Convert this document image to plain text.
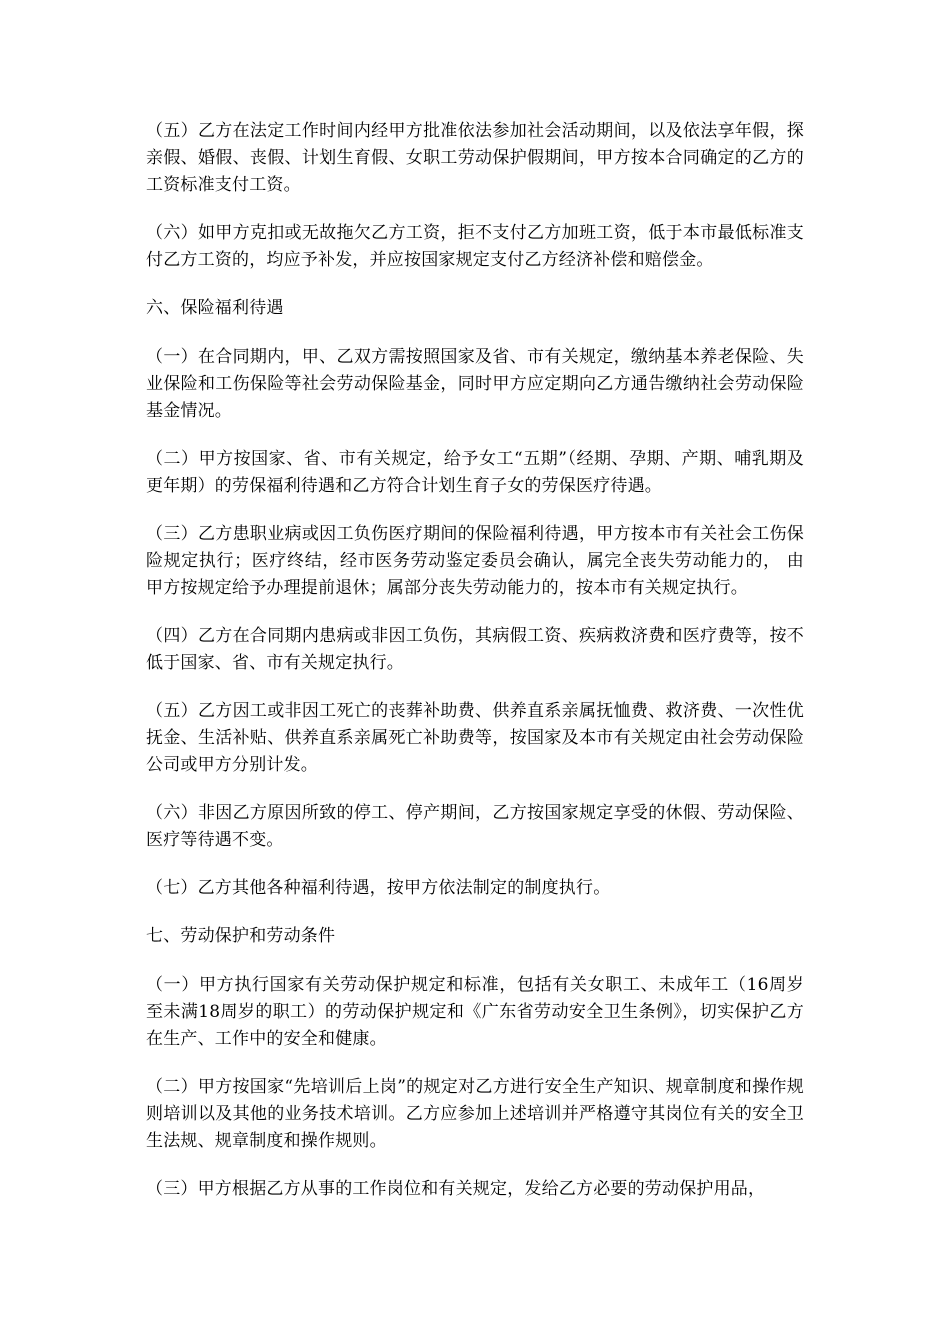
（五）乙方在法定工作时间内经甲方批准依法参加社会活动期间，以及依法享年假，探亲假、婚假、丧假、计划生育假、女职工劳动保护假期间，甲方按本合同确定的乙方的工资标准支付工资。

（六）如甲方克扣或无故拖欠乙方工资，拒不支付乙方加班工资，低于本市最低标准支付乙方工资的，均应予补发，并应按国家规定支付乙方经济补偿和赔偿金。

六、保险福利待遇

（一）在合同期内，甲、乙双方需按照国家及省、市有关规定，缴纳基本养老保险、失业保险和工伤保险等社会劳动保险基金，同时甲方应定期向乙方通告缴纳社会劳动保险基金情况。

（二）甲方按国家、省、市有关规定，给予女工“五期”（经期、孕期、产期、哺乳期及更年期）的劳保福利待遇和乙方符合计划生育子女的劳保医疗待遇。

（三）乙方患职业病或因工负伤医疗期间的保险福利待遇，甲方按本市有关社会工伤保险规定执行；医疗终结，经市医务劳动鉴定委员会确认，属完全丧失劳动能力的， 由甲方按规定给予办理提前退休；属部分丧失劳动能力的，按本市有关规定执行。

（四）乙方在合同期内患病或非因工负伤，其病假工资、疾病救济费和医疗费等，按不低于国家、省、市有关规定执行。

（五）乙方因工或非因工死亡的丧葬补助费、供养直系亲属抚恤费、救济费、一次性优抚金、生活补贴、供养直系亲属死亡补助费等，按国家及本市有关规定由社会劳动保险公司或甲方分别计发。

（六）非因乙方原因所致的停工、停产期间，乙方按国家规定享受的休假、劳动保险、医疗等待遇不变。

（七）乙方其他各种福利待遇，按甲方依法制定的制度执行。

七、劳动保护和劳动条件

（一）甲方执行国家有关劳动保护规定和标准，包括有关女职工、未成年工（16周岁至未满18周岁的职工）的劳动保护规定和《广东省劳动安全卫生条例》，切实保护乙方在生产、工作中的安全和健康。

（二）甲方按国家“先培训后上岗”的规定对乙方进行安全生产知识、规章制度和操作规则培训以及其他的业务技术培训。乙方应参加上述培训并严格遵守其岗位有关的安全卫生法规、规章制度和操作规则。

（三）甲方根据乙方从事的工作岗位和有关规定，发给乙方必要的劳动保护用品，
